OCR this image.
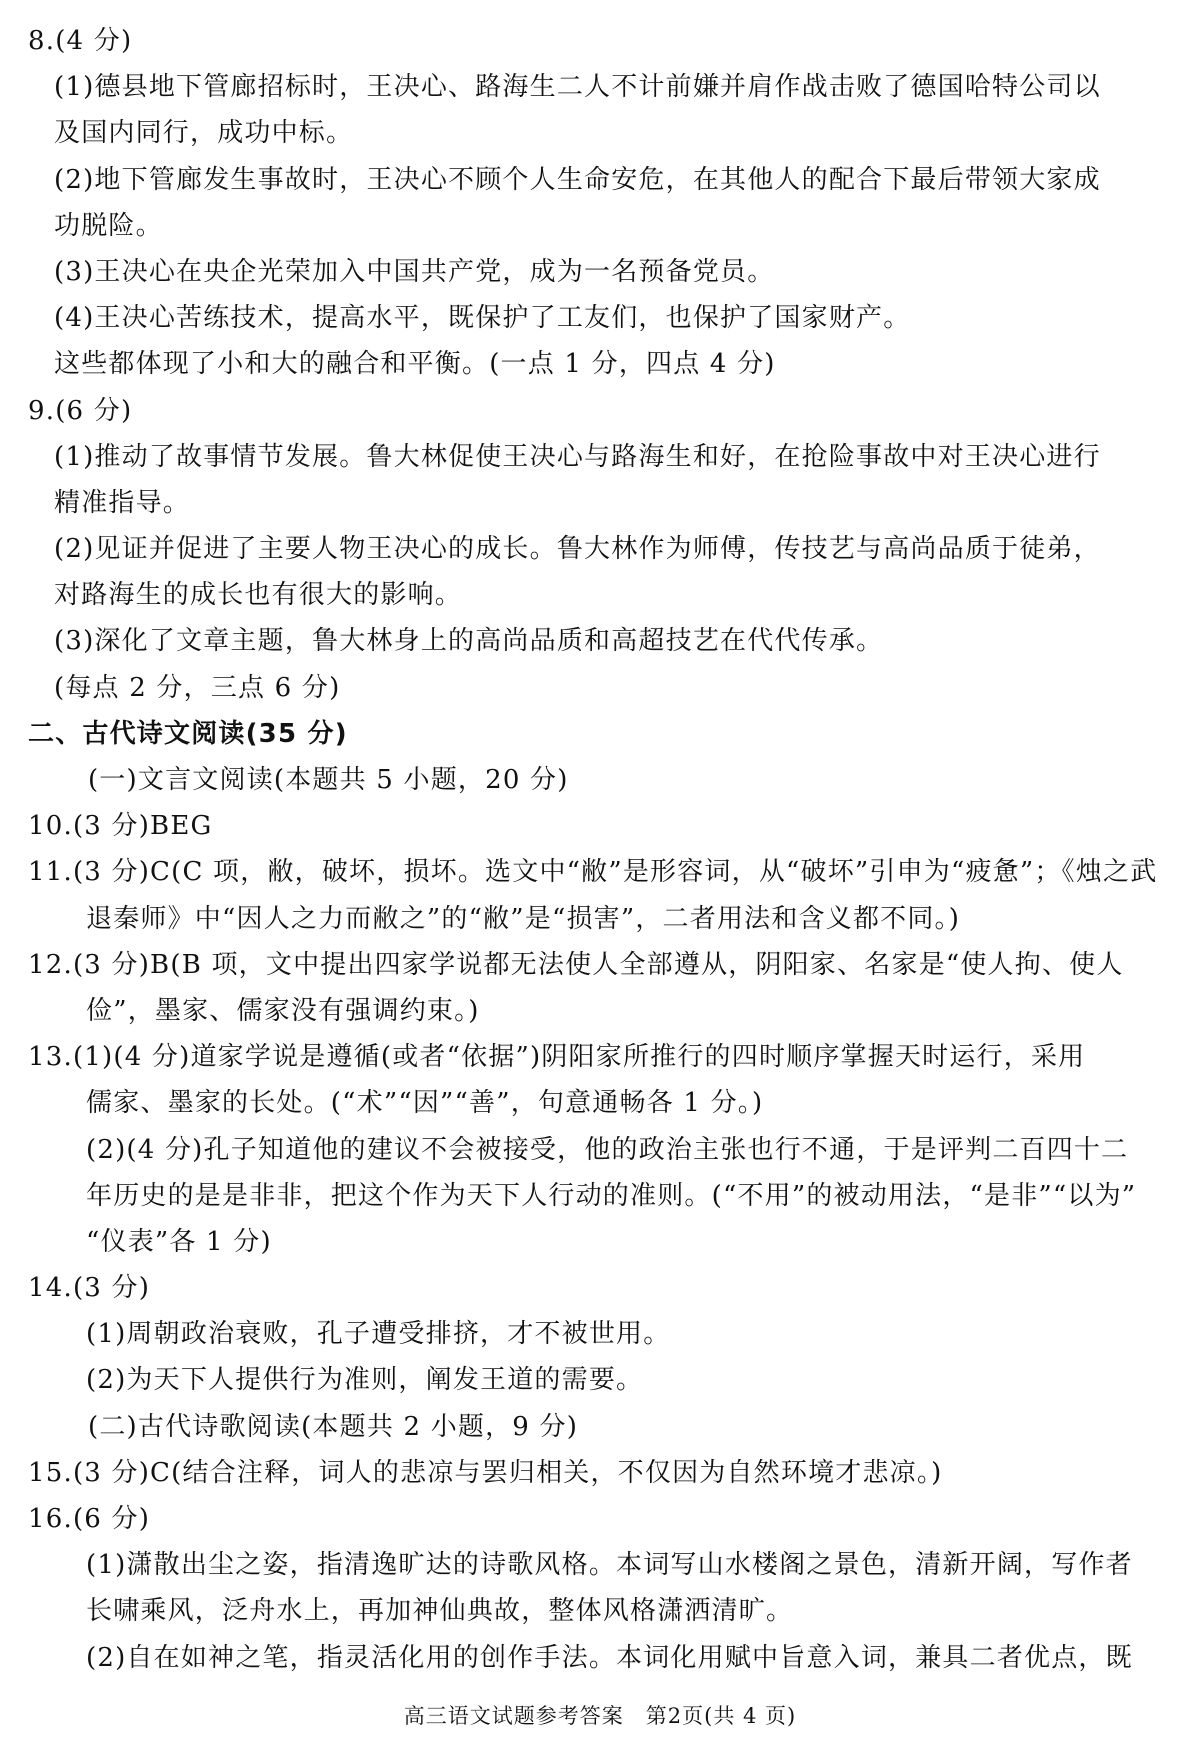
8.(4 分)
(1)德县地下管廊招标时，王决心、路海生二人不计前嫌并肩作战击败了德国哈特公司以
及国内同行，成功中标。
(2)地下管廊发生事故时，王决心不顾个人生命安危，在其他人的配合下最后带领大家成
功脱险。
(3)王决心在央企光荣加入中国共产党，成为一名预备党员。
(4)王决心苦练技术，提高水平，既保护了工友们，也保护了国家财产。
这些都体现了小和大的融合和平衡。(一点 1 分，四点 4 分)
9.(6 分)
(1)推动了故事情节发展。鲁大林促使王决心与路海生和好，在抢险事故中对王决心进行
精准指导。
(2)见证并促进了主要人物王决心的成长。鲁大林作为师傅，传技艺与高尚品质于徒弟，
对路海生的成长也有很大的影响。
(3)深化了文章主题，鲁大林身上的高尚品质和高超技艺在代代传承。
(每点 2 分，三点 6 分)
二、古代诗文阅读(35 分)
(一)文言文阅读(本题共 5 小题，20 分)
10.(3 分)BEG
11.(3 分)C(C 项，敝，破坏，损坏。选文中“敝”是形容词，从“破坏”引申为“疲惫”；《烛之武
退秦师》中“因人之力而敝之”的“敝”是“损害”，二者用法和含义都不同。)
12.(3 分)B(B 项，文中提出四家学说都无法使人全部遵从，阴阳家、名家是“使人拘、使人
俭”，墨家、儒家没有强调约束。)
13.(1)(4 分)道家学说是遵循(或者“依据”)阴阳家所推行的四时顺序掌握天时运行，采用
儒家、墨家的长处。(“术”“因”“善”，句意通畅各 1 分。)
(2)(4 分)孔子知道他的建议不会被接受，他的政治主张也行不通，于是评判二百四十二
年历史的是是非非，把这个作为天下人行动的准则。(“不用”的被动用法，“是非”“以为”
“仪表”各 1 分)
14.(3 分)
(1)周朝政治衰败，孔子遭受排挤，才不被世用。
(2)为天下人提供行为准则，阐发王道的需要。
(二)古代诗歌阅读(本题共 2 小题，9 分)
15.(3 分)C(结合注释，词人的悲凉与罢归相关，不仅因为自然环境才悲凉。)
16.(6 分)
(1)潇散出尘之姿，指清逸旷达的诗歌风格。本词写山水楼阁之景色，清新开阔，写作者
长啸乘风，泛舟水上，再加神仙典故，整体风格潇洒清旷。
(2)自在如神之笔，指灵活化用的创作手法。本词化用赋中旨意入词，兼具二者优点，既
高三语文试题参考答案　第2页(共 4 页)
